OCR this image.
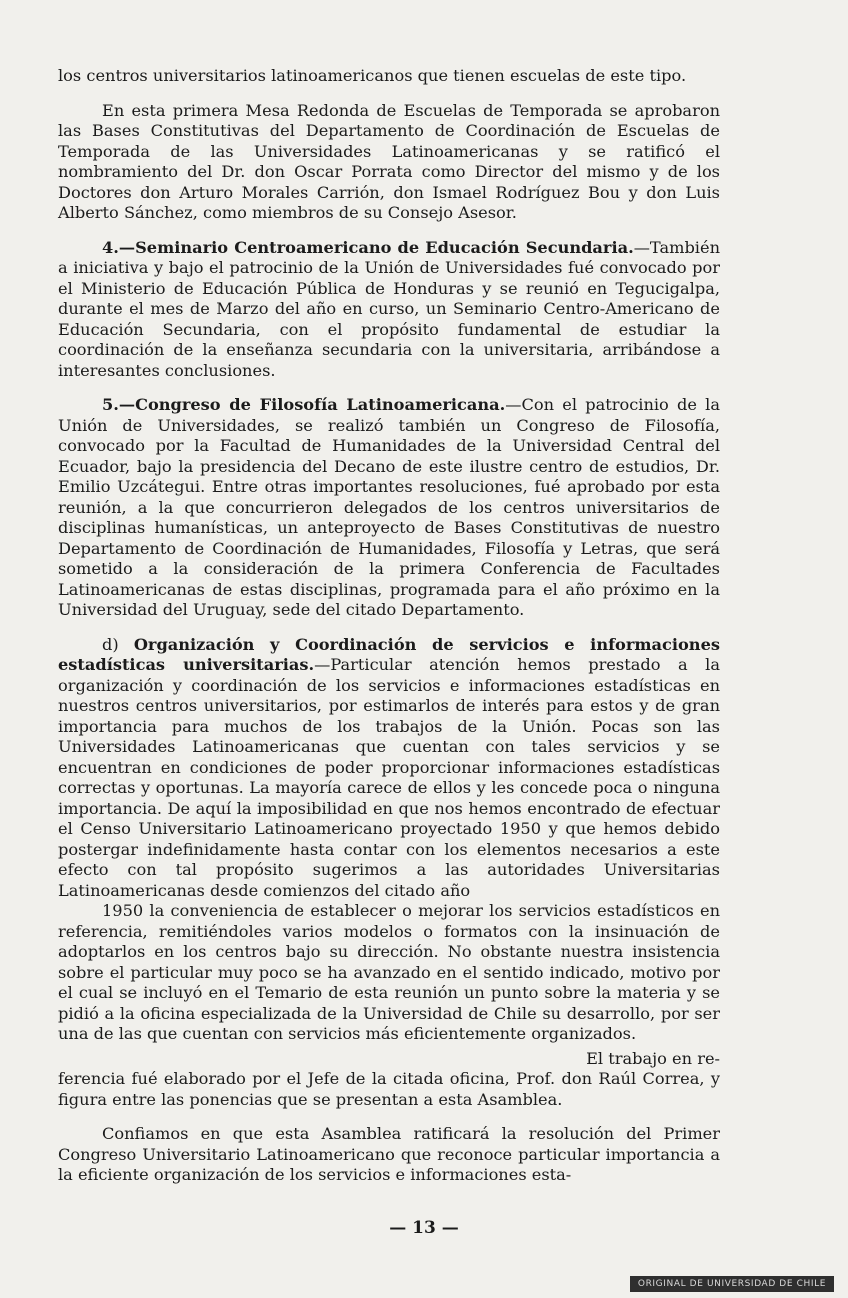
los centros universitarios latinoamericanos que tienen escuelas de este tipo.

En esta primera Mesa Redonda de Escuelas de Temporada se aprobaron las Bases Constitutivas del Departamento de Coordinación de Escuelas de Temporada de las Universidades Latinoamericanas y se ratificó el nombramiento del Dr. don Oscar Porrata como Director del mismo y de los Doctores don Arturo Morales Carrión, don Ismael Rodríguez Bou y don Luis Alberto Sánchez, como miembros de su Consejo Asesor.

4.—Seminario Centroamericano de Educación Secundaria.—También a iniciativa y bajo el patrocinio de la Unión de Universidades fué convocado por el Ministerio de Educación Pública de Honduras y se reunió en Tegucigalpa, durante el mes de Marzo del año en curso, un Seminario Centro-Americano de Educación Secundaria, con el propósito fundamental de estudiar la coordinación de la enseñanza secundaria con la universitaria, arribándose a interesantes conclusiones.

5.—Congreso de Filosofía Latinoamericana.—Con el patrocinio de la Unión de Universidades, se realizó también un Congreso de Filosofía, convocado por la Facultad de Humanidades de la Universidad Central del Ecuador, bajo la presidencia del Decano de este ilustre centro de estudios, Dr. Emilio Uzcátegui. Entre otras importantes resoluciones, fué aprobado por esta reunión, a la que concurrieron delegados de los centros universitarios de disciplinas humanísticas, un anteproyecto de Bases Constitutivas de nuestro Departamento de Coordinación de Humanidades, Filosofía y Letras, que será sometido a la consideración de la primera Conferencia de Facultades Latinoamericanas de estas disciplinas, programada para el año próximo en la Universidad del Uruguay, sede del citado Departamento.

d) Organización y Coordinación de servicios e informaciones estadísticas universitarias.—Particular atención hemos prestado a la organización y coordinación de los servicios e informaciones estadísticas en nuestros centros universitarios, por estimarlos de interés para estos y de gran importancia para muchos de los trabajos de la Unión. Pocas son las Universidades Latinoamericanas que cuentan con tales servicios y se encuentran en condiciones de poder proporcionar informaciones estadísticas correctas y oportunas. La mayoría carece de ellos y les concede poca o ninguna importancia. De aquí la imposibilidad en que nos hemos encontrado de efectuar el Censo Universitario Latinoamericano proyectado 1950 y que hemos debido postergar indefinidamente hasta contar con los elementos necesarios a este efecto con tal propósito sugerimos a las autoridades Universitarias Latinoamericanas desde comienzos del citado año

1950 la conveniencia de establecer o mejorar los servicios estadísticos en referencia, remitiéndoles varios modelos o formatos con la insinuación de adoptarlos en los centros bajo su dirección. No obstante nuestra insistencia sobre el particular muy poco se ha avanzado en el sentido indicado, motivo por el cual se incluyó en el Temario de esta reunión un punto sobre la materia y se pidió a la oficina especializada de la Universidad de Chile su desarrollo, por ser una de las que cuentan con servicios más eficientemente organizados.

El trabajo en re-

ferencia fué elaborado por el Jefe de la citada oficina, Prof. don Raúl Correa, y figura entre las ponencias que se presentan a esta Asamblea.

Confiamos en que esta Asamblea ratificará la resolución del Primer Congreso Universitario Latinoamericano que reconoce particular importancia a la eficiente organización de los servicios e informaciones esta-

— 13 —
ORIGINAL DE UNIVERSIDAD DE CHILE
